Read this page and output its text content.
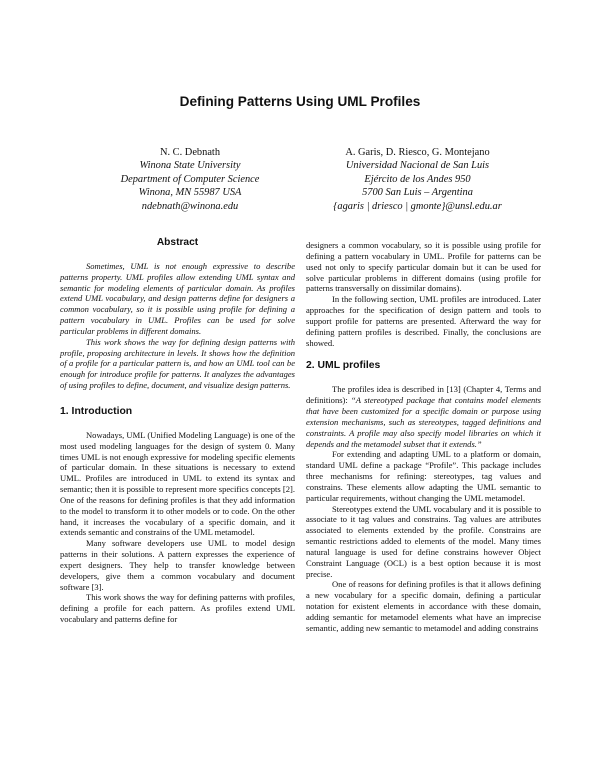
Defining Patterns Using UML Profiles
N. C. Debnath
Winona State University
Department of Computer Science
Winona, MN 55987 USA
ndebnath@winona.edu
A. Garis, D. Riesco, G. Montejano
Universidad Nacional de San Luis
Ejército de los Andes 950
5700 San Luis – Argentina
{agaris | driesco | gmonte}@unsl.edu.ar
Abstract

Sometimes, UML is not enough expressive to describe patterns property. UML profiles allow extending UML syntax and semantic for modeling elements of particular domain. As profiles extend UML vocabulary, and design patterns define for designers a common vocabulary, so it is possible using profile for defining a pattern vocabulary in UML. Profiles can be used for solve particular problems in different domains.

This work shows the way for defining design patterns with profile, proposing architecture in levels. It shows how the definition of a profile for a particular pattern is, and how an UML tool can be enough for introduce profile for patterns. It analyzes the advantages of using profiles to define, document, and visualize design patterns.

1. Introduction

Nowadays, UML (Unified Modeling Language) is one of the most used modeling languages for the design of system 0. Many times UML is not enough expressive for modeling specific elements of particular domain. In these situations is necessary to extend UML. Profiles are introduced in UML to extend its syntax and semantic; then it is possible to represent more specifics concepts [2]. One of the reasons for defining profiles is that they add information to the model to transform it to other models or to code. On the other hand, it increases the vocabulary of a specific domain, and it extends semantic and constrains of the UML metamodel.

Many software developers use UML to model design patterns in their solutions. A pattern expresses the experience of expert designers. They help to transfer knowledge between developers, give them a common vocabulary and document software [3].

This work shows the way for defining patterns with profiles, defining a profile for each pattern. As profiles extend UML vocabulary and patterns define for

designers a common vocabulary, so it is possible using profile for defining a pattern vocabulary in UML. Profile for patterns can be used not only to specify particular domain but it can be used for solve particular problems in different domains (using profile for patterns transversally on dissimilar domains).

In the following section, UML profiles are introduced. Later approaches for the specification of design pattern and tools to support profile for patterns are presented. Afterward the way for defining pattern profiles is described. Finally, the conclusions are showed.

2. UML profiles

The profiles idea is described in [13] (Chapter 4, Terms and definitions): “A stereotyped package that contains model elements that have been customized for a specific domain or purpose using extension mechanisms, such as stereotypes, tagged definitions and constraints. A profile may also specify model libraries on which it depends and the metamodel subset that it extends.”

For extending and adapting UML to a platform or domain, standard UML define a package “Profile”. This package includes three mechanisms for refining: stereotypes, tag values and constrains. These elements allow adapting the UML semantic to particular requirements, without changing the UML metamodel.

Stereotypes extend the UML vocabulary and it is possible to associate to it tag values and constrains. Tag values are attributes associated to elements extended by the profile. Constrains are semantic restrictions added to elements of the model. Many times natural language is used for define constrains however Object Constraint Language (OCL) is a best option because it is most precise.

One of reasons for defining profiles is that it allows defining a new vocabulary for a specific domain, defining a particular notation for existent elements in accordance with these domain, adding semantic for metamodel elements what have an imprecise semantic, adding new semantic to metamodel and adding constrains
